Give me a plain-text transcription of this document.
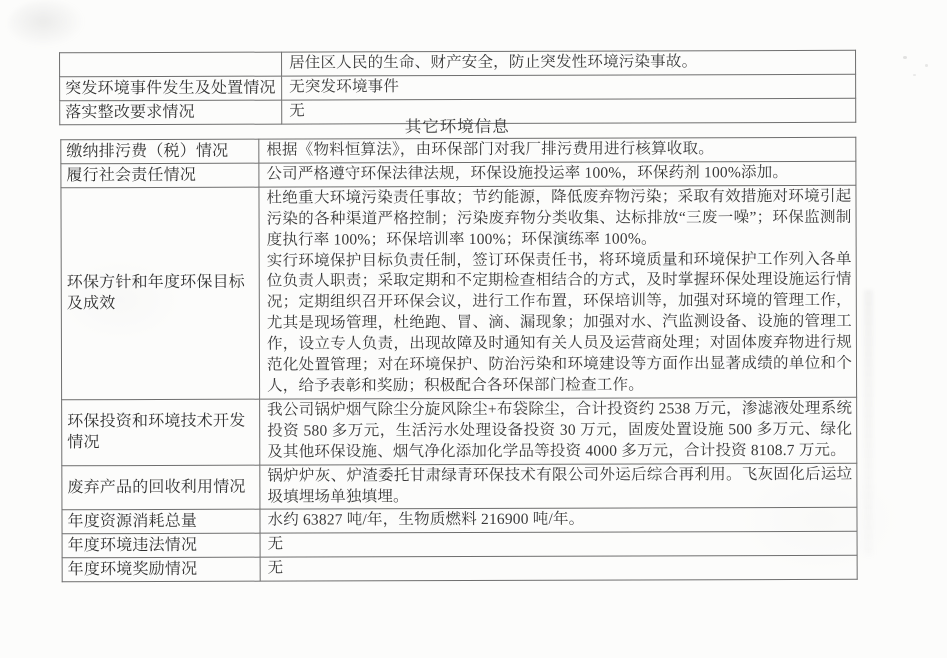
	居住区人民的生命、财产安全，防止突发性环境污染事故。
突发环境事件发生及处置情况	无突发环境事件
落实整改要求情况	无
其它环境信息
缴纳排污费（税）情况	根据《物料恒算法》，由环保部门对我厂排污费用进行核算收取。
履行社会责任情况	公司严格遵守环保法律法规，环保设施投运率 100%，环保药剂 100%添加。
环保方针和年度环保目标及成效	杜绝重大环境污染责任事故；节约能源，降低废弃物污染；采取有效措施对环境引起污染的各种渠道严格控制；污染废弃物分类收集、达标排放“三废一噪”；环保监测制度执行率 100%；环保培训率 100%；环保演练率 100%。
实行环境保护目标负责任制，签订环保责任书，将环境质量和环境保护工作列入各单位负责人职责；采取定期和不定期检查相结合的方式，及时掌握环保处理设施运行情况；定期组织召开环保会议，进行工作布置，环保培训等，加强对环境的管理工作，尤其是现场管理，杜绝跑、冒、滴、漏现象；加强对水、汽监测设备、设施的管理工作，设立专人负责，出现故障及时通知有关人员及运营商处理；对固体废弃物进行规范化处置管理；对在环境保护、防治污染和环境建设等方面作出显著成绩的单位和个人，给予表彰和奖励；积极配合各环保部门检查工作。
环保投资和环境技术开发情况	我公司锅炉烟气除尘分旋风除尘+布袋除尘，合计投资约 2538 万元，渗滤液处理系统投资 580 多万元，生活污水处理设备投资 30 万元，固废处置设施 500 多万元、绿化及其他环保设施、烟气净化添加化学品等投资 4000 多万元，合计投资 8108.7 万元。
废弃产品的回收利用情况	锅炉炉灰、炉渣委托甘肃绿青环保技术有限公司外运后综合再利用。飞灰固化后运垃圾填埋场单独填埋。
年度资源消耗总量	水约 63827 吨/年，生物质燃料 216900 吨/年。
年度环境违法情况	无
年度环境奖励情况	无
